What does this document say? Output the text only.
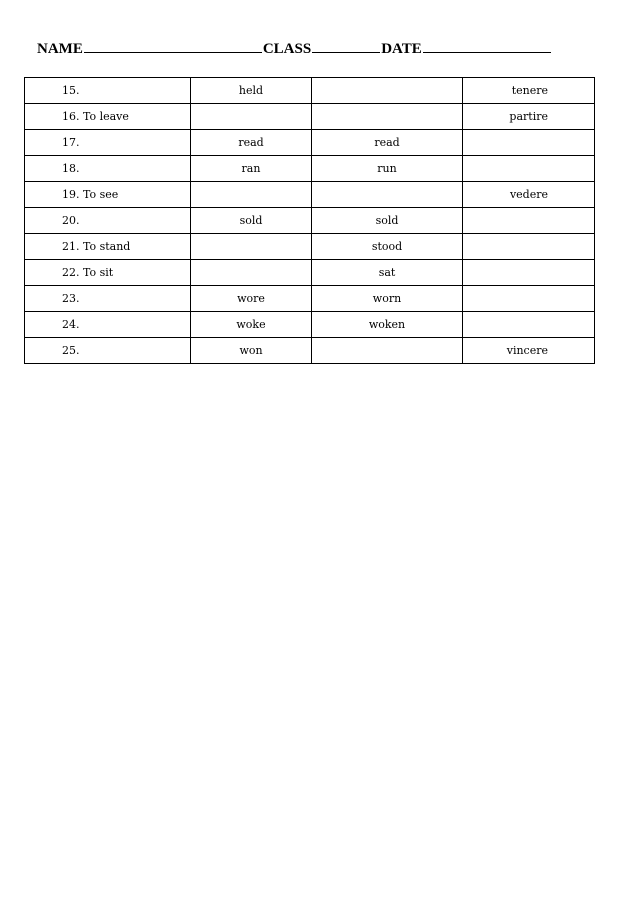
NAME	CLASS	DATE
15.	held		tenere
16. To leave			partire
17.	read	read	
18.	ran	run	
19. To see			vedere
20.	sold	sold	
21. To stand		stood	
22. To sit		sat	
23.	wore	worn	
24.	woke	woken	
25.	won		vincere
